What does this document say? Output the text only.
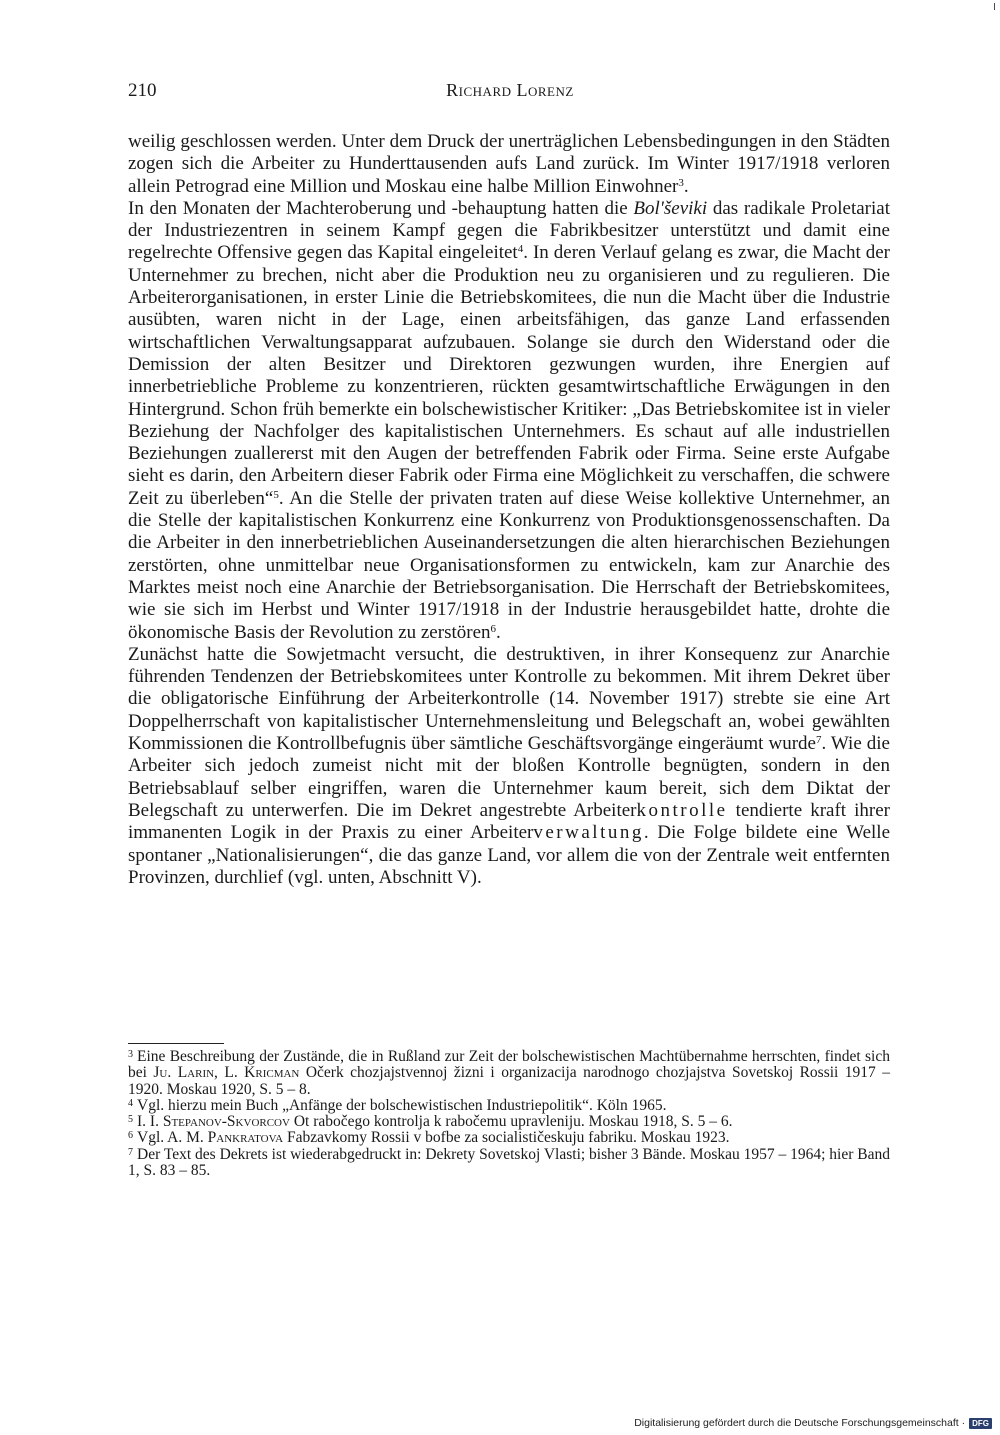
I
210	Richard Lorenz

weilig geschlossen werden. Unter dem Druck der unerträglichen Lebensbedingungen in den Städten zogen sich die Arbeiter zu Hunderttausenden aufs Land zurück. Im Winter 1917/1918 verloren allein Petrograd eine Million und Moskau eine halbe Million Einwohner$^3$.

In den Monaten der Machteroberung und -behauptung hatten die Bol'ševiki das radikale Proletariat der Industriezentren in seinem Kampf gegen die Fabrikbesitzer unterstützt und damit eine regelrechte Offensive gegen das Kapital eingeleitet$^4$. In deren Verlauf gelang es zwar, die Macht der Unternehmer zu brechen, nicht aber die Produktion neu zu organisieren und zu regulieren. Die Arbeiterorganisationen, in erster Linie die Betriebskomitees, die nun die Macht über die Industrie ausübten, waren nicht in der Lage, einen arbeitsfähigen, das ganze Land erfassenden wirtschaftlichen Verwaltungsapparat aufzubauen. Solange sie durch den Widerstand oder die Demission der alten Besitzer und Direktoren gezwungen wurden, ihre Energien auf innerbetriebliche Probleme zu konzentrieren, rückten gesamtwirtschaftliche Erwägungen in den Hintergrund. Schon früh bemerkte ein bolschewistischer Kritiker: „Das Betriebskomitee ist in vieler Beziehung der Nachfolger des kapitalistischen Unternehmers. Es schaut auf alle industriellen Beziehungen zuallererst mit den Augen der betreffenden Fabrik oder Firma. Seine erste Aufgabe sieht es darin, den Arbeitern dieser Fabrik oder Firma eine Möglichkeit zu verschaffen, die schwere Zeit zu überleben“$^5$. An die Stelle der privaten traten auf diese Weise kollektive Unternehmer, an die Stelle der kapitalistischen Konkurrenz eine Konkurrenz von Produktionsgenossenschaften. Da die Arbeiter in den innerbetrieblichen Auseinandersetzungen die alten hierarchischen Beziehungen zerstörten, ohne unmittelbar neue Organisationsformen zu entwickeln, kam zur Anarchie des Marktes meist noch eine Anarchie der Betriebsorganisation. Die Herrschaft der Betriebskomitees, wie sie sich im Herbst und Winter 1917/1918 in der Industrie herausgebildet hatte, drohte die ökonomische Basis der Revolution zu zerstören$^6$.

Zunächst hatte die Sowjetmacht versucht, die destruktiven, in ihrer Konsequenz zur Anarchie führenden Tendenzen der Betriebskomitees unter Kontrolle zu bekommen. Mit ihrem Dekret über die obligatorische Einführung der Arbeiterkontrolle (14. November 1917) strebte sie eine Art Doppelherrschaft von kapitalistischer Unternehmensleitung und Belegschaft an, wobei gewählten Kommissionen die Kontrollbefugnis über sämtliche Geschäftsvorgänge eingeräumt wurde$^7$. Wie die Arbeiter sich jedoch zumeist nicht mit der bloßen Kontrolle begnügten, sondern in den Betriebsablauf selber eingriffen, waren die Unternehmer kaum bereit, sich dem Diktat der Belegschaft zu unterwerfen. Die im Dekret angestrebte Arbeiterkontrolle tendierte kraft ihrer immanenten Logik in der Praxis zu einer Arbeiterverwaltung. Die Folge bildete eine Welle spontaner „Nationalisierungen“, die das ganze Land, vor allem die von der Zentrale weit entfernten Provinzen, durchlief (vgl. unten, Abschnitt V).

$^3$ Eine Beschreibung der Zustände, die in Rußland zur Zeit der bolschewistischen Machtübernahme herrschten, findet sich bei Ju. Larin, L. Kricman Očerk chozjajstvennoj žizni i organizacija narodnogo chozjajstva Sovetskoj Rossii 1917 – 1920. Moskau 1920, S. 5 – 8.

$^4$ Vgl. hierzu mein Buch „Anfänge der bolschewistischen Industriepolitik“. Köln 1965.

$^5$ I. I. Stepanov-Skvorcov Ot rabočego kontrolja k rabočemu upravleniju. Moskau 1918, S. 5 – 6.

$^6$ Vgl. A. M. Pankratova Fabzavkomy Rossii v bofbe za socialističeskuju fabriku. Moskau 1923.

$^7$ Der Text des Dekrets ist wiederabgedruckt in: Dekrety Sovetskoj Vlasti; bisher 3 Bände. Moskau 1957 – 1964; hier Band 1, S. 83 – 85.

Digitalisierung gefördert durch die Deutsche Forschungsgemeinschaft · DFG
